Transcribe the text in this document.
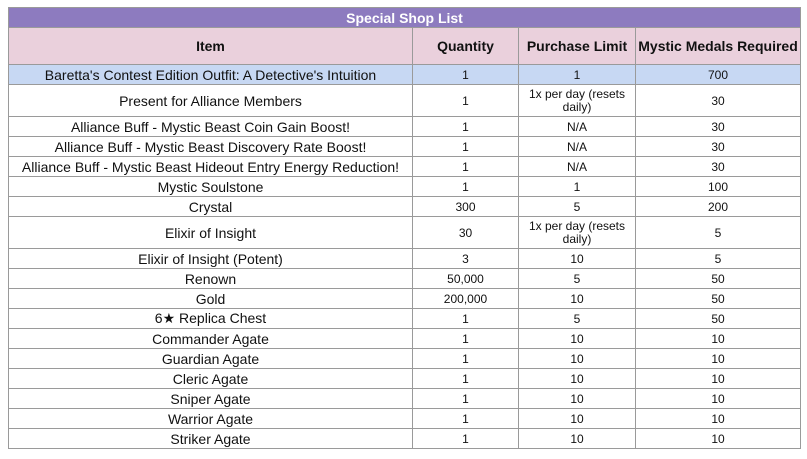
Special Shop List			
Item	Quantity	Purchase Limit	Mystic Medals Required
Baretta's Contest Edition Outfit: A Detective's Intuition	1	1	700
Present for Alliance Members	1	1x per day (resets daily)	30
Alliance Buff - Mystic Beast Coin Gain Boost!	1	N/A	30
Alliance Buff - Mystic Beast Discovery Rate Boost!	1	N/A	30
Alliance Buff - Mystic Beast Hideout Entry Energy Reduction!	1	N/A	30
Mystic Soulstone	1	1	100
Crystal	300	5	200
Elixir of Insight	30	1x per day (resets daily)	5
Elixir of Insight (Potent)	3	10	5
Renown	50,000	5	50
Gold	200,000	10	50
6★ Replica Chest	1	5	50
Commander Agate	1	10	10
Guardian Agate	1	10	10
Cleric Agate	1	10	10
Sniper Agate	1	10	10
Warrior Agate	1	10	10
Striker Agate	1	10	10
